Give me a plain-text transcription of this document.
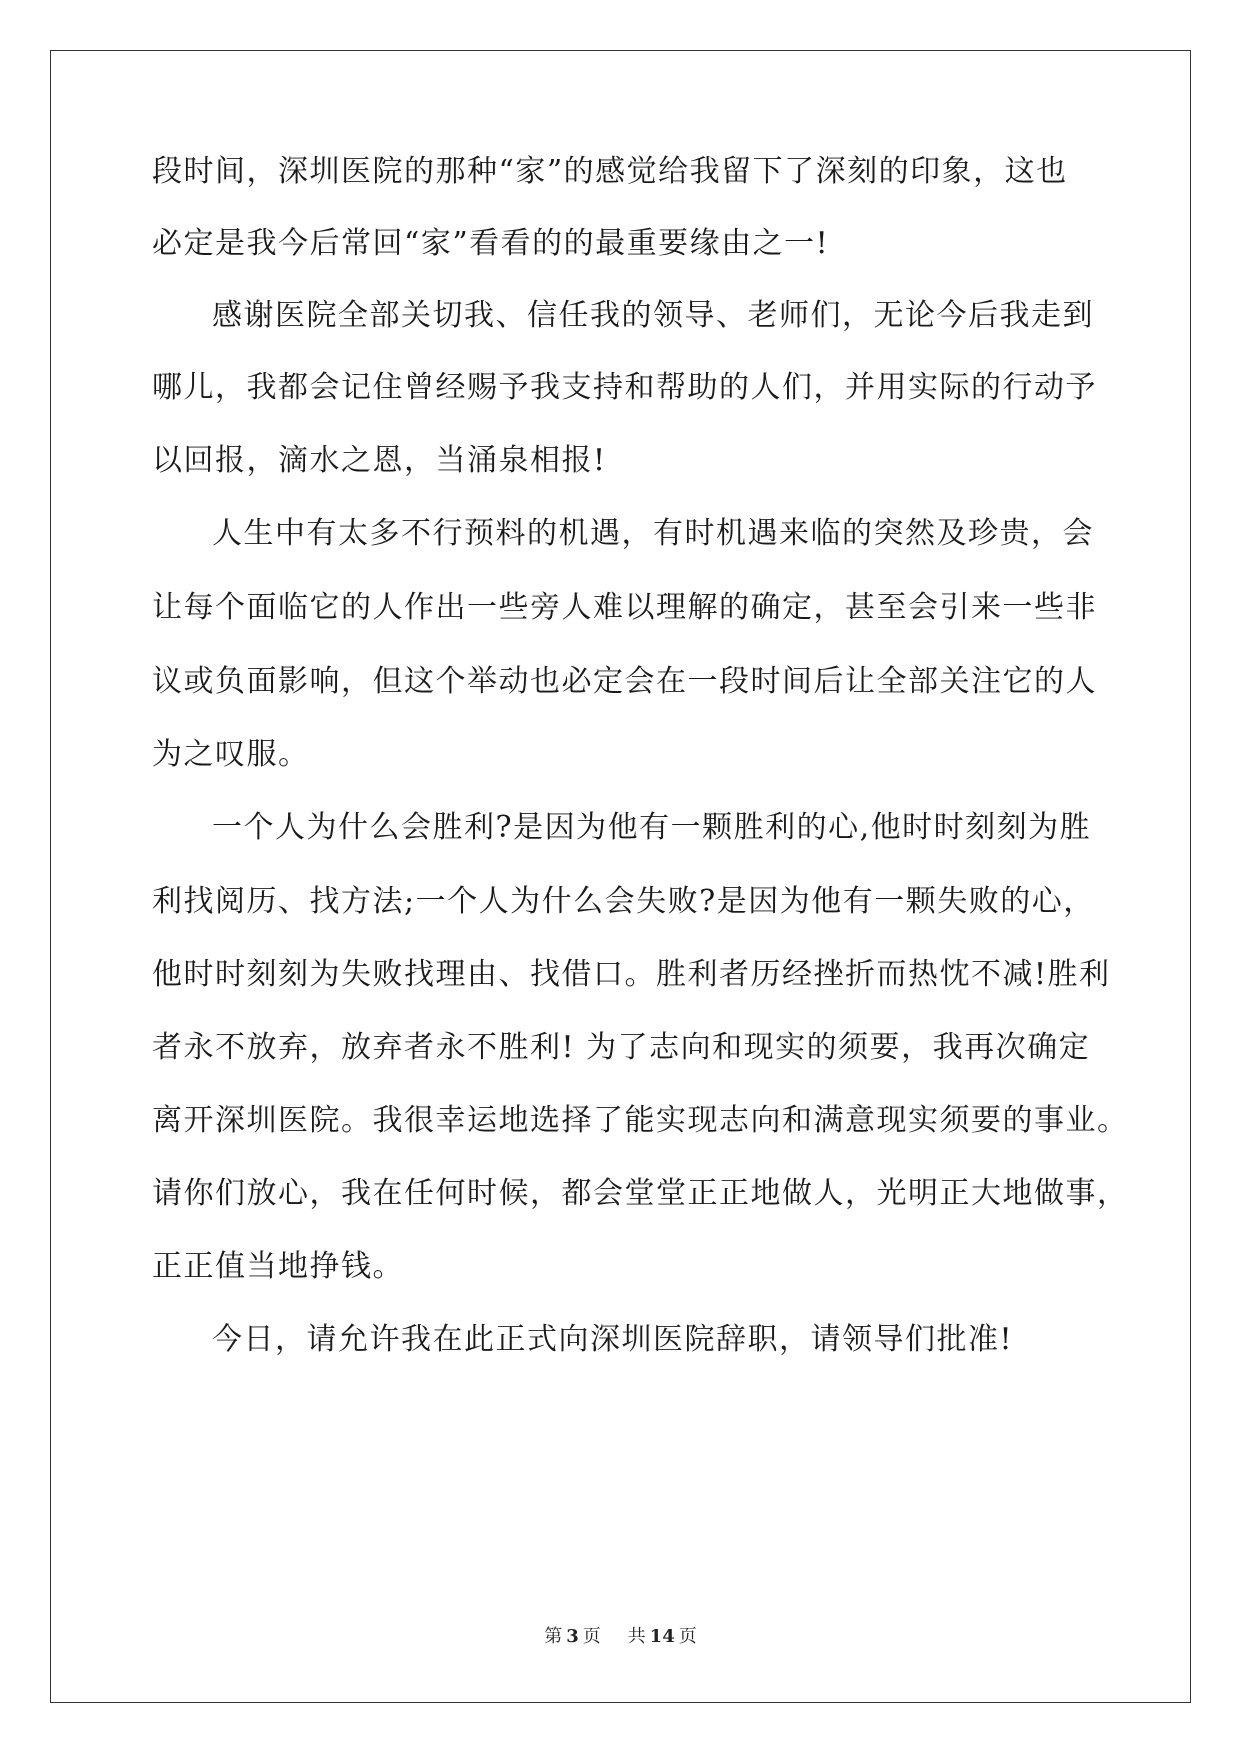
段时间，深圳医院的那种“家”的感觉给我留下了深刻的印象，这也
必定是我今后常回“家”看看的的最重要缘由之一!
感谢医院全部关切我、信任我的领导、老师们，无论今后我走到
哪儿，我都会记住曾经赐予我支持和帮助的人们，并用实际的行动予
以回报，滴水之恩，当涌泉相报!
人生中有太多不行预料的机遇，有时机遇来临的突然及珍贵，会
让每个面临它的人作出一些旁人难以理解的确定，甚至会引来一些非
议或负面影响，但这个举动也必定会在一段时间后让全部关注它的人
为之叹服。
一个人为什么会胜利?是因为他有一颗胜利的心,他时时刻刻为胜
利找阅历、找方法;一个人为什么会失败?是因为他有一颗失败的心，
他时时刻刻为失败找理由、找借口。胜利者历经挫折而热忱不减!胜利
者永不放弃，放弃者永不胜利! 为了志向和现实的须要，我再次确定
离开深圳医院。我很幸运地选择了能实现志向和满意现实须要的事业。
请你们放心，我在任何时候，都会堂堂正正地做人，光明正大地做事，
正正值当地挣钱。
今日，请允许我在此正式向深圳医院辞职，请领导们批准!
第 3 页 共 14 页
